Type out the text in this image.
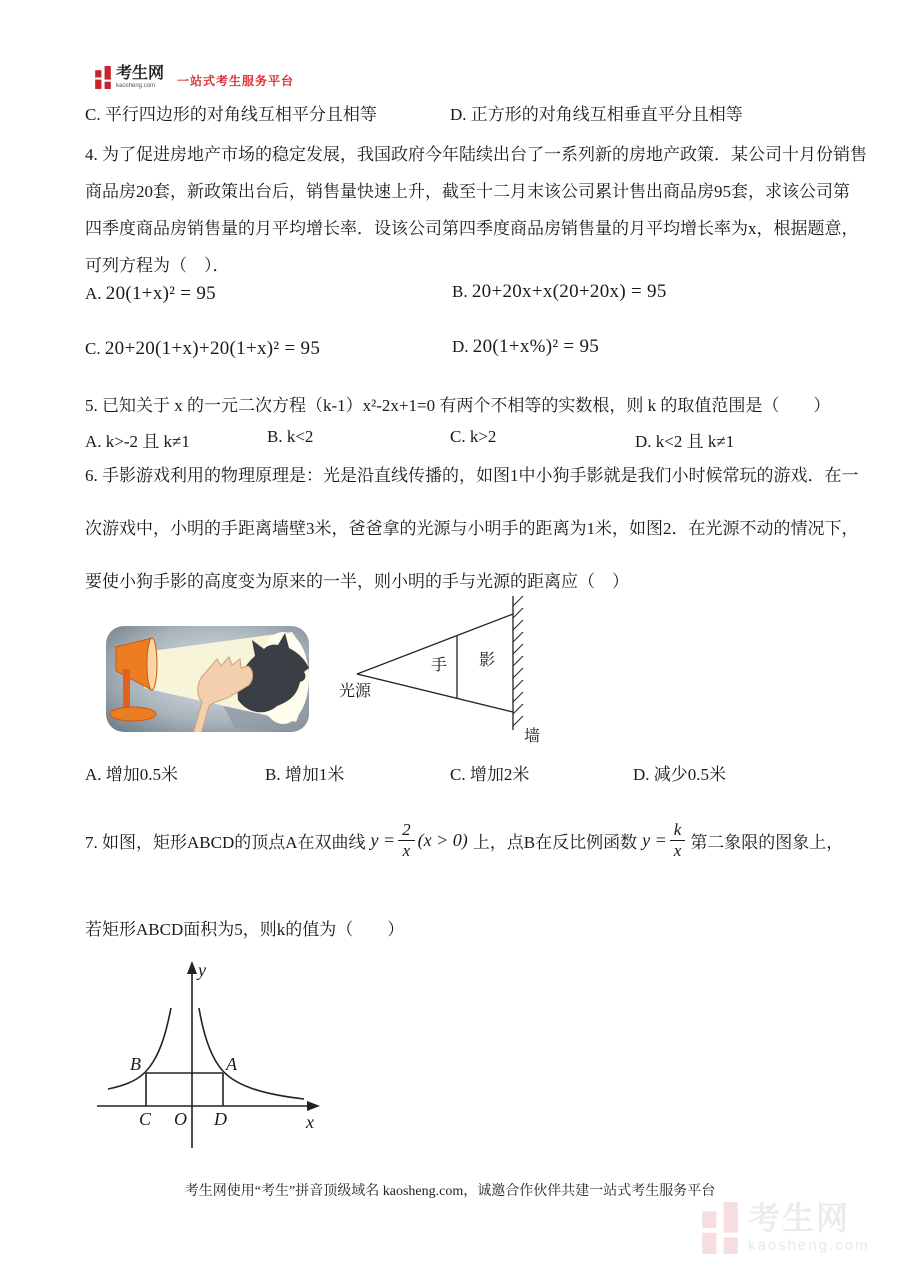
考生网
kaosheng.com	一站式考生服务平台
C. 平行四边形的对角线互相平分且相等	D. 正方形的对角线互相垂直平分且相等
4. 为了促进房地产市场的稳定发展，我国政府今年陆续出台了一系列新的房地产政策．某公司十月份销售
商品房20套，新政策出台后，销售量快速上升，截至十二月末该公司累计售出商品房95套，求该公司第
四季度商品房销售量的月平均增长率．设该公司第四季度商品房销售量的月平均增长率为x，根据题意，
可列方程为（　）．
A. 20(1+x)² = 95	B. 20+20x+x(20+20x) = 95
C. 20+20(1+x)+20(1+x)² = 95	D. 20(1+x%)² = 95
5. 已知关于 x 的一元二次方程（k-1）x²-2x+1=0 有两个不相等的实数根，则 k 的取值范围是（　　）
A. k>-2 且 k≠1	B. k<2	C. k>2	D. k<2 且 k≠1
6. 手影游戏利用的物理原理是：光是沿直线传播的，如图1中小狗手影就是我们小时候常玩的游戏．在一
次游戏中，小明的手距离墙壁3米，爸爸拿的光源与小明手的距离为1米，如图2．在光源不动的情况下，
要使小狗手影的高度变为原来的一半，则小明的手与光源的距离应（　）
手 影
光源
墙
A. 增加0.5米	B. 增加1米	C. 增加2米	D. 减少0.5米
7. 如图，矩形ABCD的顶点A在双曲线 $y = \frac{2}{x} (x > 0)$ 上，点B在反比例函数 $y = \frac{k}{x}$ 第二象限的图象上，
若矩形ABCD面积为5，则k的值为（　　）
y
x
B	A
C O D
考生网使用“考生”拼音顶级域名 kaosheng.com，诚邀合作伙伴共建一站式考生服务平台
考生网
kaosheng.com
